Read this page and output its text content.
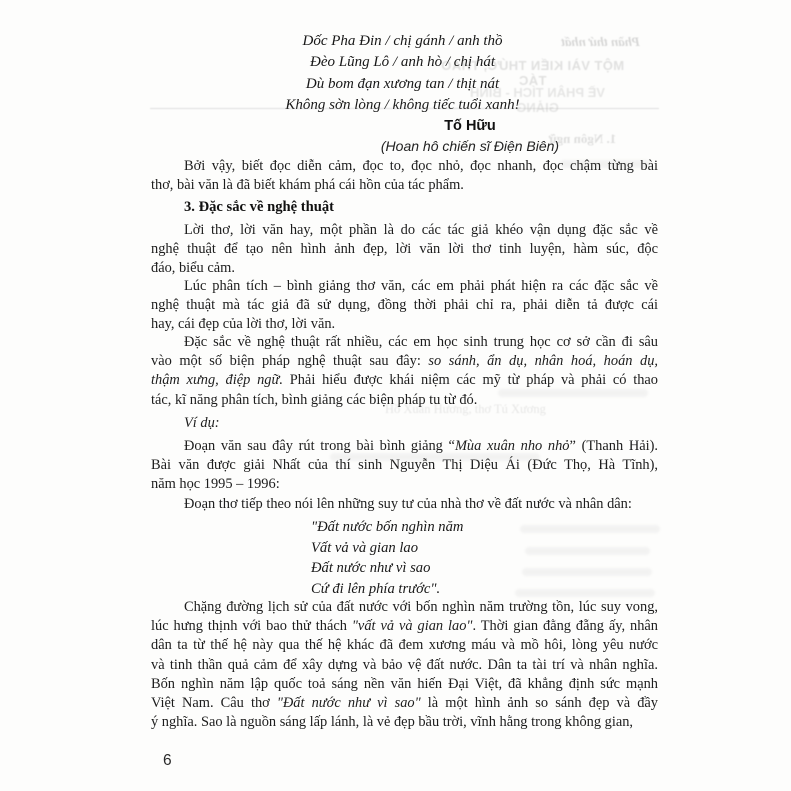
Dốc Pha Đin / chị gánh / anh thồ
Đèo Lũng Lô / anh hò / chị hát
Dù bom đạn xương tan / thịt nát
Không sờn lòng / không tiếc tuổi xanh!
Tố Hữu
(Hoan hô chiến sĩ Điện Biên)
Bởi vậy, biết đọc diễn cảm, đọc to, đọc nhỏ, đọc nhanh, đọc chậm từng bài
thơ, bài văn là đã biết khám phá cái hồn của tác phẩm.
3. Đặc sắc về nghệ thuật
Lời thơ, lời văn hay, một phần là do các tác giả khéo vận dụng đặc sắc về
nghệ thuật để tạo nên hình ảnh đẹp, lời văn lời thơ tinh luyện, hàm súc, độc
đáo, biểu cảm.
Lúc phân tích – bình giảng thơ văn, các em phải phát hiện ra các đặc sắc về
nghệ thuật mà tác giả đã sử dụng, đồng thời phải chỉ ra, phải diễn tả được cái
hay, cái đẹp của lời thơ, lời văn.
Đặc sắc về nghệ thuật rất nhiều, các em học sinh trung học cơ sở cần đi sâu
vào một số biện pháp nghệ thuật sau đây: so sánh, ẩn dụ, nhân hoá, hoán dụ,
thậm xưng, điệp ngữ. Phải hiểu được khái niệm các mỹ từ pháp và phải có thao
tác, kĩ năng phân tích, bình giảng các biện pháp tu từ đó.
Ví dụ:
Đoạn văn sau đây rút trong bài bình giảng “Mùa xuân nho nhỏ” (Thanh Hải).
Bài văn được giải Nhất của thí sinh Nguyễn Thị Diệu Ái (Đức Thọ, Hà Tĩnh),
năm học 1995 – 1996:
Đoạn thơ tiếp theo nói lên những suy tư của nhà thơ về đất nước và nhân dân:
"Đất nước bốn nghìn năm
Vất vả và gian lao
Đất nước như vì sao
Cứ đi lên phía trước".
Chặng đường lịch sử của đất nước với bốn nghìn năm trường tồn, lúc suy vong,
lúc hưng thịnh với bao thử thách "vất vả và gian lao". Thời gian đằng đẵng ấy, nhân
dân ta từ thế hệ này qua thế hệ khác đã đem xương máu và mồ hôi, lòng yêu nước
và tinh thần quả cảm để xây dựng và bảo vệ đất nước. Dân ta tài trí và nhân nghĩa.
Bốn nghìn năm lập quốc toả sáng nền văn hiến Đại Việt, đã khẳng định sức mạnh
Việt Nam. Câu thơ "Đất nước như vì sao" là một hình ảnh so sánh đẹp và đầy
ý nghĩa. Sao là nguồn sáng lấp lánh, là vẻ đẹp bầu trời, vĩnh hằng trong không gian,
6
Phần thứ nhất
MỘT VÀI KIẾN THỨC, THAO TÁC
VỀ PHÂN TÍCH - BÌNH GIẢNG
1. Ngôn ngữ
Hồ Xuân Hương, thơ Tú Xương
